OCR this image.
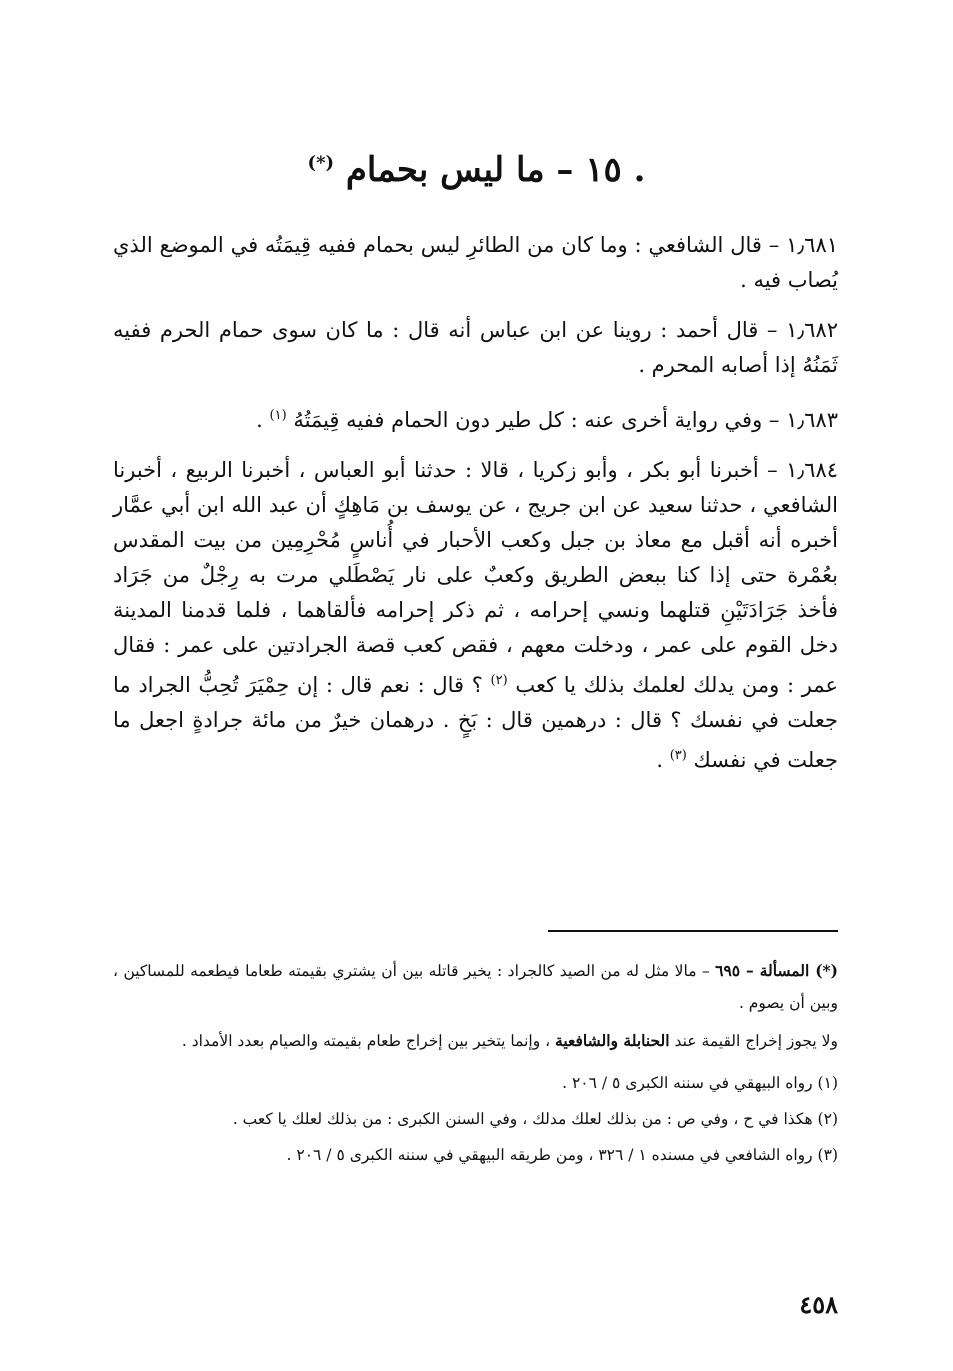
. ١٥ – ما ليس بحمام (*)

١٫٦٨١ – قال الشافعي : وما كان من الطائرِ ليس بحمام ففيه قِيمَتُه في الموضع الذي يُصاب فيه .

١٫٦٨٢ – قال أحمد : روينا عن ابن عباس أنه قال : ما كان سوى حمام الحرم ففيه ثَمَنُهُ إذا أصابه المحرم .

١٫٦٨٣ – وفي رواية أخرى عنه : كل طير دون الحمام ففيه قِيمَتُهُ $^{(١)}$ .

١٫٦٨٤ – أخبرنا أبو بكر ، وأبو زكريا ، قالا : حدثنا أبو العباس ، أخبرنا الربيع ، أخبرنا الشافعي ، حدثنا سعيد عن ابن جريج ، عن يوسف بن مَاهِكٍ أن عبد الله ابن أبي عمَّار أخبره أنه أقبل مع معاذ بن جبل وكعب الأحبار في أُناسٍ مُحْرِمِين من بيت المقدس بعُمْرة حتى إذا كنا ببعض الطريق وكعبٌ على نار يَصْطَلي مرت به رِجْلٌ من جَرَاد فأخذ جَرَادَتَيْنِ قتلهما ونسي إحرامه ، ثم ذكر إحرامه فألقاهما ، فلما قدمنا المدينة دخل القوم على عمر ، ودخلت معهم ، فقص كعب قصة الجرادتين على عمر : فقال عمر : ومن يدلك لعلمك بذلك يا كعب $^{(٢)}$ ؟ قال : نعم قال : إن حِمْيَرَ تُحِبُّ الجراد ما جعلت في نفسك ؟ قال : درهمين قال : بَخٍ . درهمان خيرٌ من مائة جرادةٍ اجعل ما جعلت في نفسك $^{(٣)}$ .

(*) المسألة – ٦٩٥ – مالا مثل له من الصيد كالجراد : يخير قاتله بين أن يشتري بقيمته طعاما فيطعمه للمساكين ، وبين أن يصوم .

ولا يجوز إخراج القيمة عند الحنابلة والشافعية ، وإنما يتخير بين إخراج طعام بقيمته والصيام بعدد الأمداد .

(١) رواه البيهقي في سننه الكبرى ٥ / ٢٠٦ .

(٢) هكذا في ح ، وفي ص : من بذلك لعلك مدلك ، وفي السنن الكبرى : من بذلك لعلك يا كعب .

(٣) رواه الشافعي في مسنده ١ / ٣٢٦ ، ومن طريقه البيهقي في سننه الكبرى ٥ / ٢٠٦ .

٤٥٨
